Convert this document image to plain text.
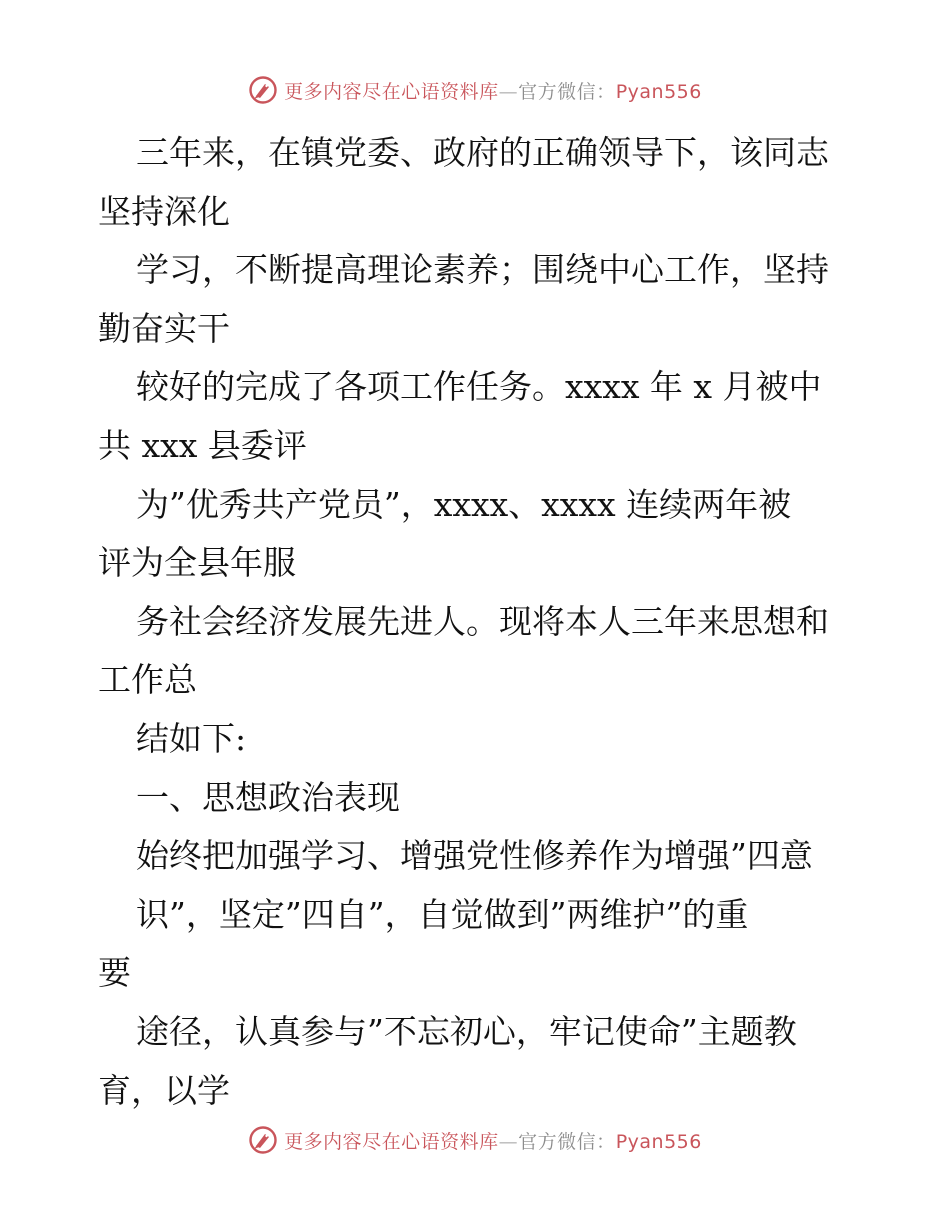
更多内容尽在心语资料库—官方微信：Pyan556
三年来，在镇党委、政府的正确领导下，该同志
坚持深化
学习，不断提高理论素养；围绕中心工作，坚持
勤奋实干
较好的完成了各项工作任务。xxxx 年 x 月被中
共 xxx 县委评
为”优秀共产党员”，xxxx、xxxx 连续两年被
评为全县年服
务社会经济发展先进人。现将本人三年来思想和
工作总
结如下:
一、思想政治表现
始终把加强学习、增强党性修养作为增强”四意
识”，坚定”四自”，自觉做到”两维护”的重
要
途径，认真参与”不忘初心，牢记使命”主题教
育，以学
更多内容尽在心语资料库—官方微信：Pyan556
